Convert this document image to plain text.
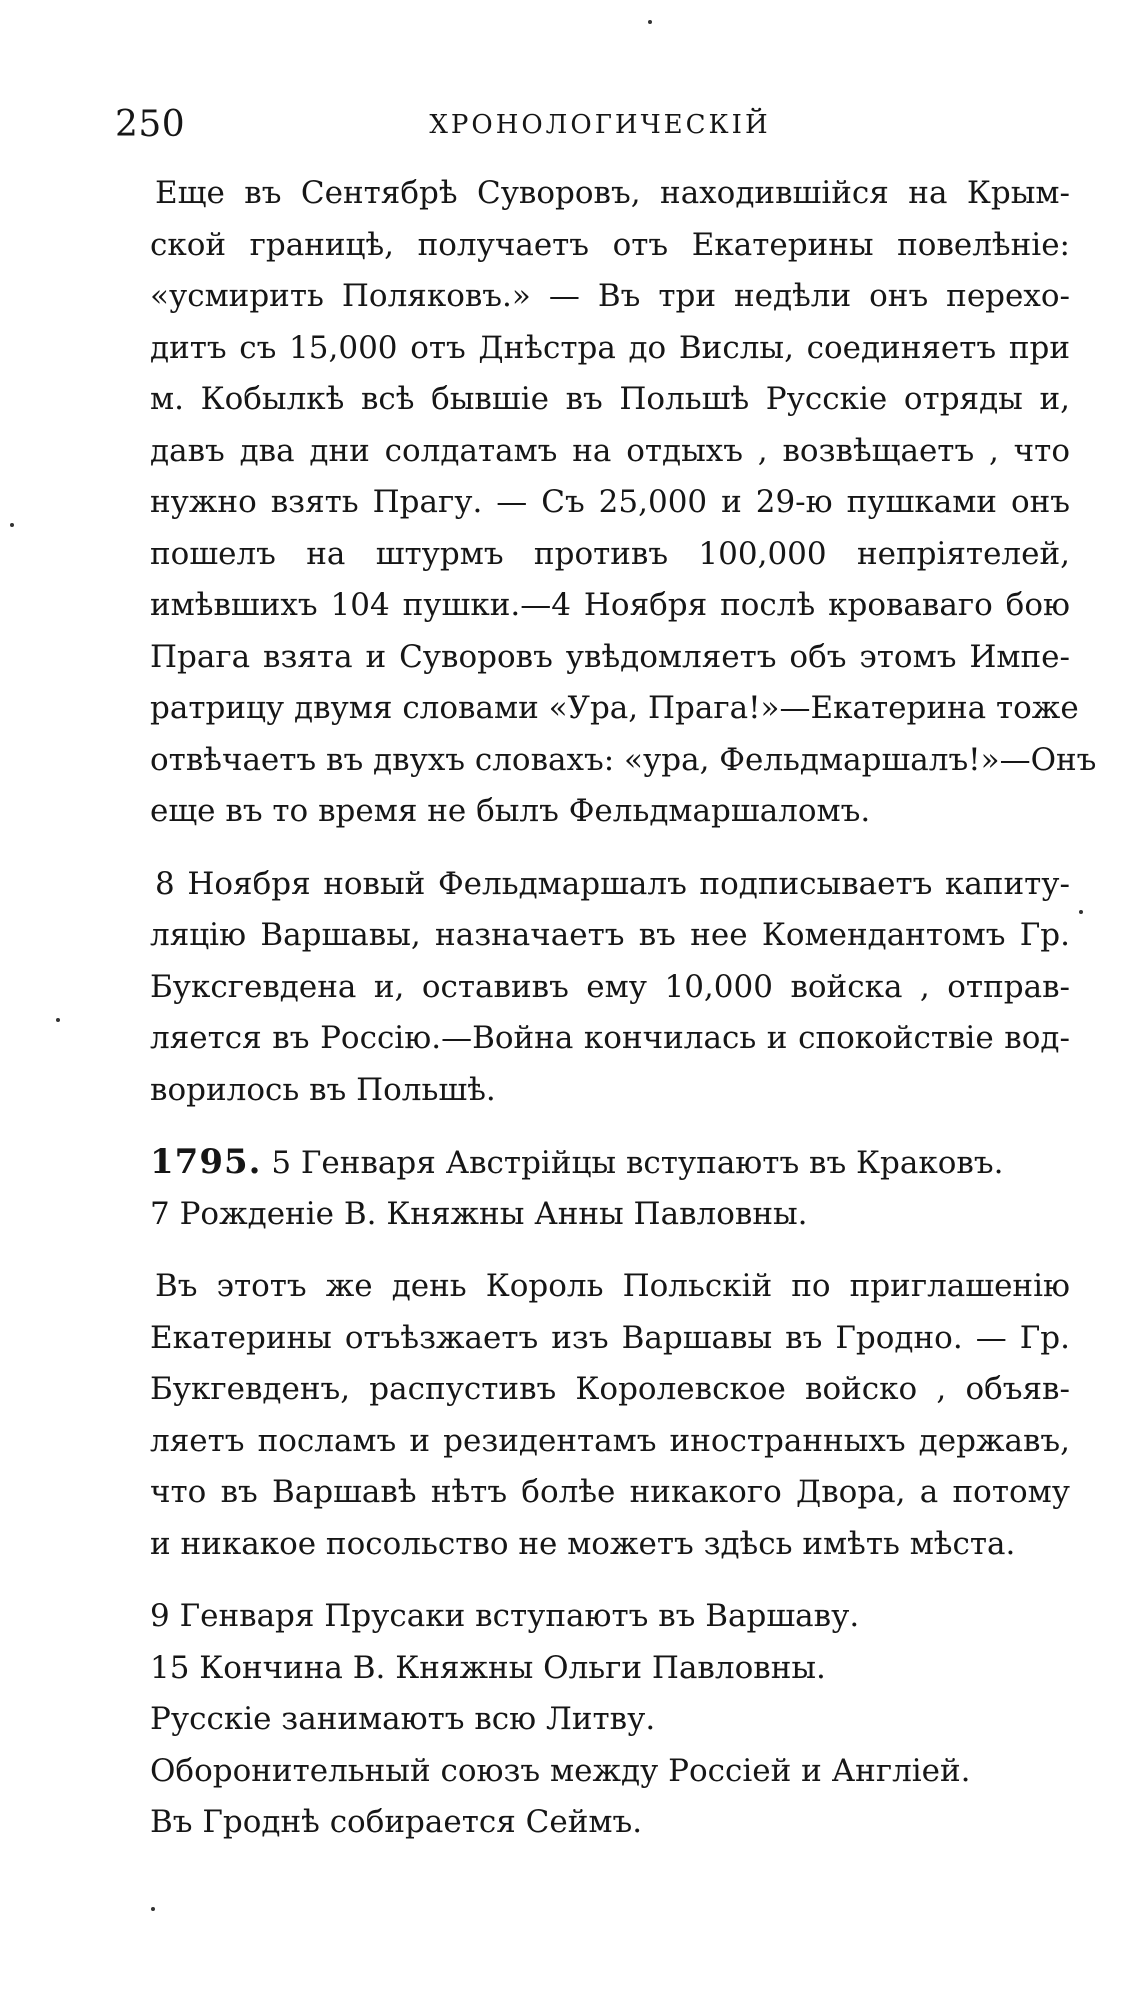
250	ХРОНОЛОГИЧЕСКІЙ
Еще въ Сентябрѣ Суворовъ, находившійся на Крым-
ской границѣ, получаетъ отъ Екатерины повелѣніе:
«усмирить Поляковъ.» — Въ три недѣли онъ перехо-
дитъ съ 15,000 отъ Днѣстра до Вислы, соединяетъ при
м. Кобылкѣ всѣ бывшіе въ Польшѣ Русскіе отряды и,
давъ два дни солдатамъ на отдыхъ , возвѣщаетъ , что
нужно взять Прагу. — Съ 25,000 и 29-ю пушками онъ
пошелъ на штурмъ противъ 100,000 непріятелей,
имѣвшихъ 104 пушки.—4 Ноября послѣ кроваваго бою
Прага взята и Суворовъ увѣдомляетъ объ этомъ Импе-
ратрицу двумя словами «Ура, Прага!»—Екатерина тоже
отвѣчаетъ въ двухъ словахъ: «ура, Фельдмаршалъ!»—Онъ
еще въ то время не былъ Фельдмаршаломъ.
8 Ноября новый Фельдмаршалъ подписываетъ капиту-
ляцію Варшавы, назначаетъ въ нее Комендантомъ Гр.
Буксгевдена и, оставивъ ему 10,000 войска , отправ-
ляется въ Россію.—Война кончилась и спокойствіе вод-
ворилось въ Польшѣ.
1795. 5 Генваря Австрійцы вступаютъ въ Краковъ.
7 Рожденіе В. Княжны Анны Павловны.
Въ этотъ же день Король Польскій по приглашенію
Екатерины отъѣзжаетъ изъ Варшавы въ Гродно. — Гр.
Букгевденъ, распустивъ Королевское войско , объяв-
ляетъ посламъ и резидентамъ иностранныхъ державъ,
что въ Варшавѣ нѣтъ болѣе никакого Двора, а потому
и никакое посольство не можетъ здѣсь имѣть мѣста.
9 Генваря Прусаки вступаютъ въ Варшаву.
15 Кончина В. Княжны Ольги Павловны.
Русскіе занимаютъ всю Литву.
Оборонительный союзъ между Россіей и Англіей.
Въ Гроднѣ собирается Сеймъ.
